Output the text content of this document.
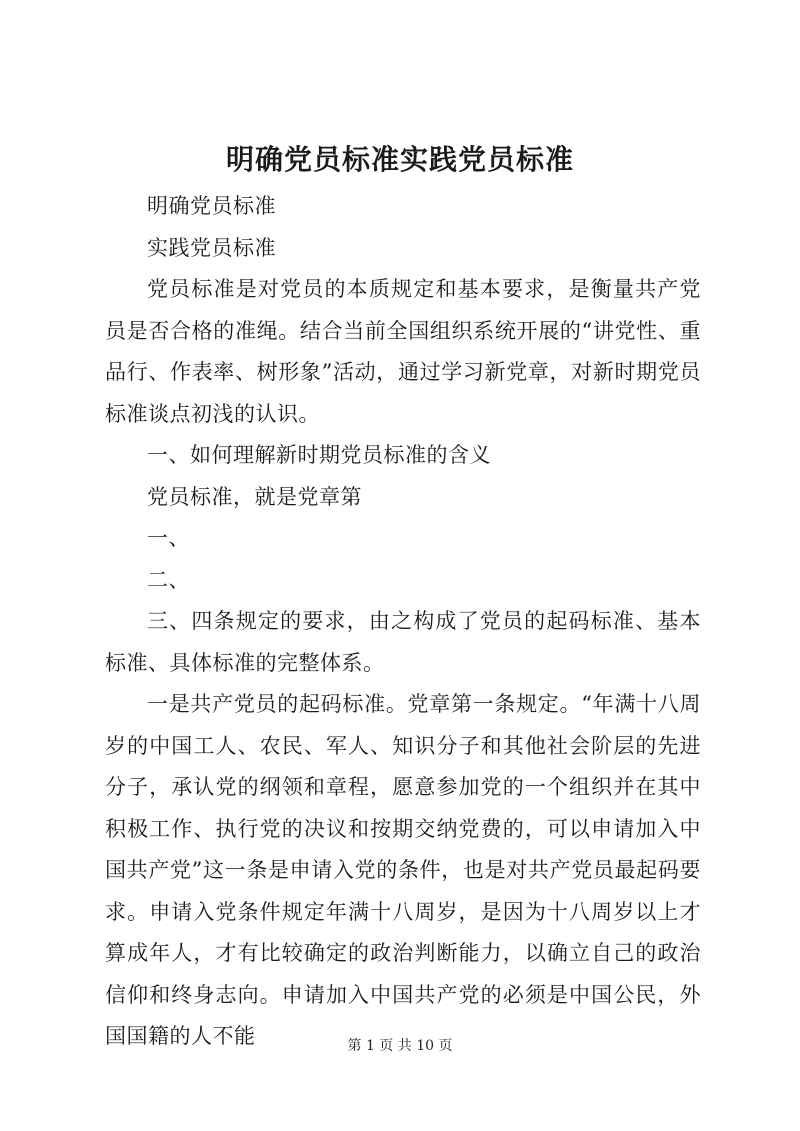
明确党员标准实践党员标准

明确党员标准

实践党员标准

党员标准是对党员的本质规定和基本要求，是衡量共产党员是否合格的准绳。结合当前全国组织系统开展的“讲党性、重品行、作表率、树形象”活动，通过学习新党章，对新时期党员标准谈点初浅的认识。

一、如何理解新时期党员标准的含义

党员标准，就是党章第

一、

二、

三、四条规定的要求，由之构成了党员的起码标准、基本标准、具体标准的完整体系。

一是共产党员的起码标准。党章第一条规定。“年满十八周岁的中国工人、农民、军人、知识分子和其他社会阶层的先进分子，承认党的纲领和章程，愿意参加党的一个组织并在其中积极工作、执行党的决议和按期交纳党费的，可以申请加入中国共产党”这一条是申请入党的条件，也是对共产党员最起码要求。申请入党条件规定年满十八周岁，是因为十八周岁以上才算成年人，才有比较确定的政治判断能力，以确立自己的政治信仰和终身志向。申请加入中国共产党的必须是中国公民，外国国籍的人不能	第 1 页 共 10 页
